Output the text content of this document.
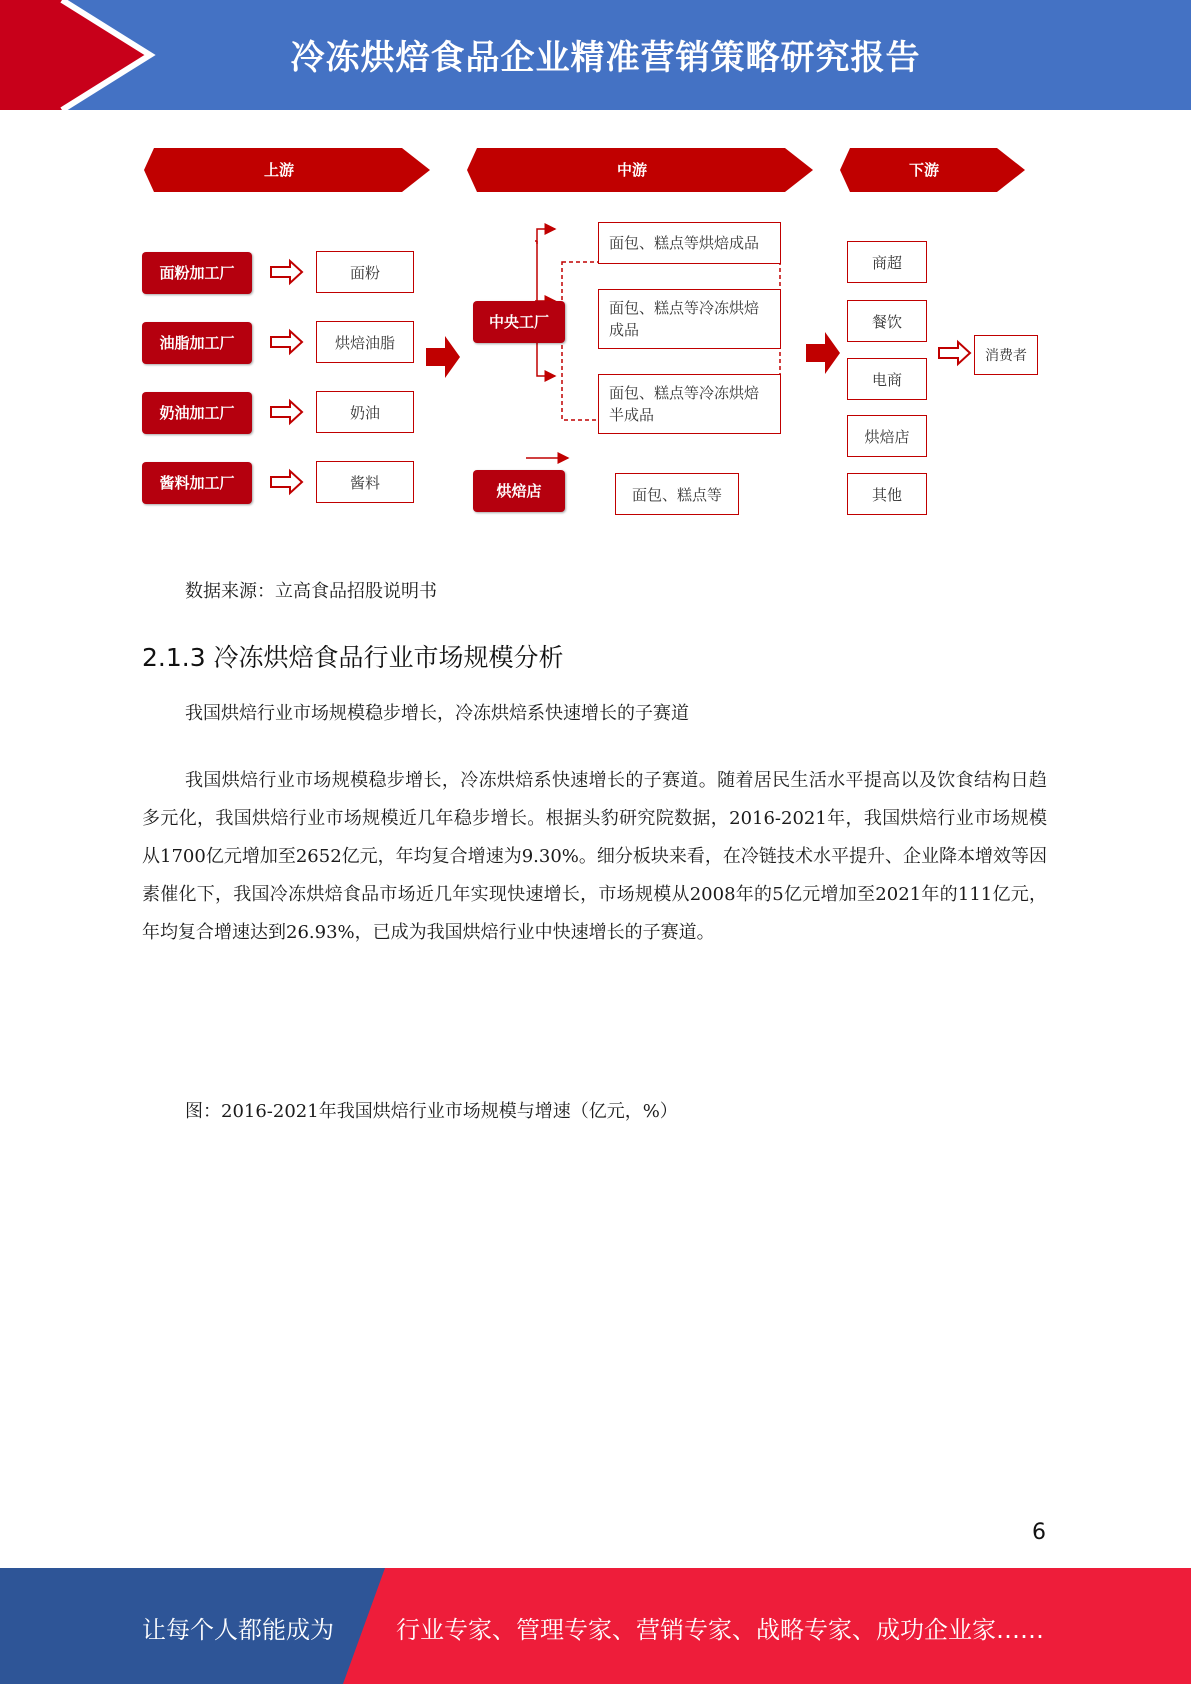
冷冻烘焙食品企业精准营销策略研究报告
上游	中游	下游
面粉加工厂
油脂加工厂
奶油加工厂
酱料加工厂
面粉
烘焙油脂
奶油
酱料
中央工厂
面包、糕点等烘焙成品
面包、糕点等冷冻烘焙成品
面包、糕点等冷冻烘焙半成品
烘焙店	面包、糕点等
商超
餐饮
电商
烘焙店
其他
消费者
数据来源：立高食品招股说明书
2.1.3 冷冻烘焙食品行业市场规模分析
我国烘焙行业市场规模稳步增长，冷冻烘焙系快速增长的子赛道
我国烘焙行业市场规模稳步增长，冷冻烘焙系快速增长的子赛道。随着居民生活水平提高以及饮食结构日趋多元化，我国烘焙行业市场规模近几年稳步增长。根据头豹研究院数据，2016-2021年，我国烘焙行业市场规模从1700亿元增加至2652亿元，年均复合增速为9.30%。细分板块来看，在冷链技术水平提升、企业降本增效等因素催化下，我国冷冻烘焙食品市场近几年实现快速增长，市场规模从2008年的5亿元增加至2021年的111亿元，年均复合增速达到26.93%，已成为我国烘焙行业中快速增长的子赛道。
图：2016-2021年我国烘焙行业市场规模与增速（亿元，%）
6
让每个人都能成为	行业专家、管理专家、营销专家、战略专家、成功企业家……
